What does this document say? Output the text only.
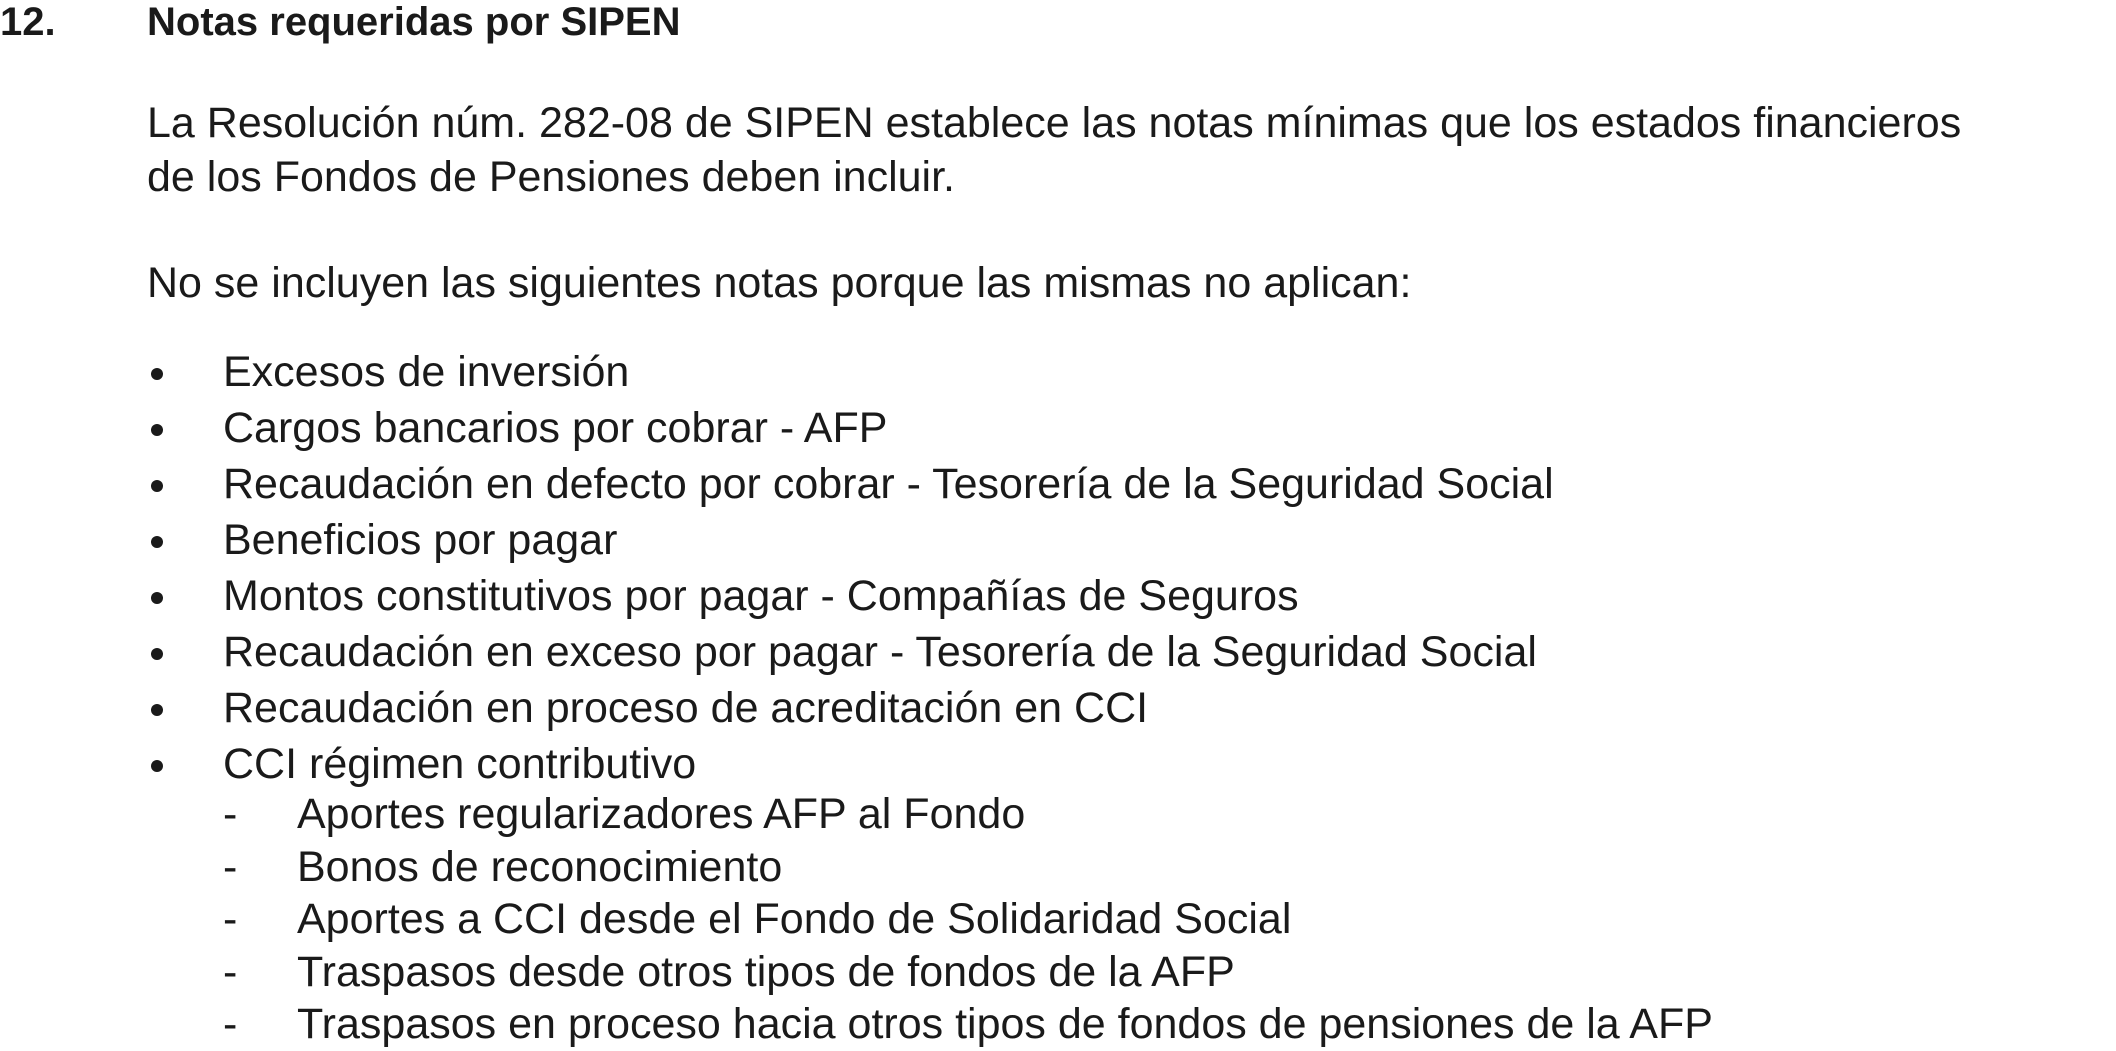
12. Notas requeridas por SIPEN
La Resolución núm. 282-08 de SIPEN establece las notas mínimas que los estados financieros
de los Fondos de Pensiones deben incluir.
No se incluyen las siguientes notas porque las mismas no aplican:
Excesos de inversión
Cargos bancarios por cobrar - AFP
Recaudación en defecto por cobrar - Tesorería de la Seguridad Social
Beneficios por pagar
Montos constitutivos por pagar - Compañías de Seguros
Recaudación en exceso por pagar - Tesorería de la Seguridad Social
Recaudación en proceso de acreditación en CCI
CCI régimen contributivo
- Aportes regularizadores AFP al Fondo
- Bonos de reconocimiento
- Aportes a CCI desde el Fondo de Solidaridad Social
- Traspasos desde otros tipos de fondos de la AFP
- Traspasos en proceso hacia otros tipos de fondos de pensiones de la AFP
